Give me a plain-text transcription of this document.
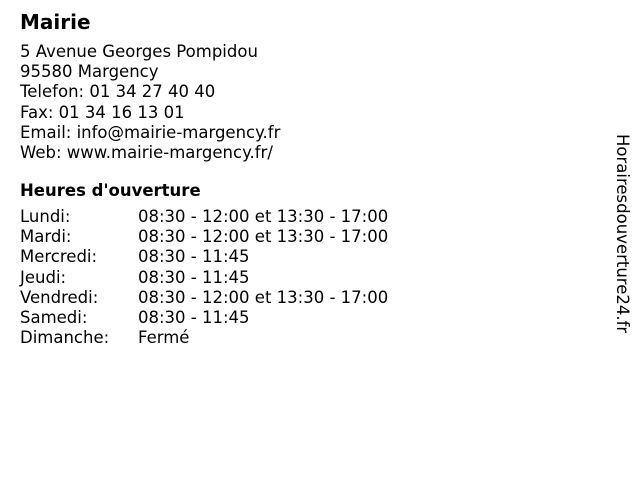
Mairie
5 Avenue Georges Pompidou
95580 Margency
Telefon: 01 34 27 40 40
Fax: 01 34 16 13 01
Email: info@mairie-margency.fr
Web: www.mairie-margency.fr/
Heures d'ouverture
Lundi:	08:30 - 12:00 et 13:30 - 17:00
Mardi:	08:30 - 12:00 et 13:30 - 17:00
Mercredi:	08:30 - 11:45
Jeudi:	08:30 - 11:45
Vendredi:	08:30 - 12:00 et 13:30 - 17:00
Samedi:	08:30 - 11:45
Dimanche:	Fermé
Horairesdouverture24.fr
